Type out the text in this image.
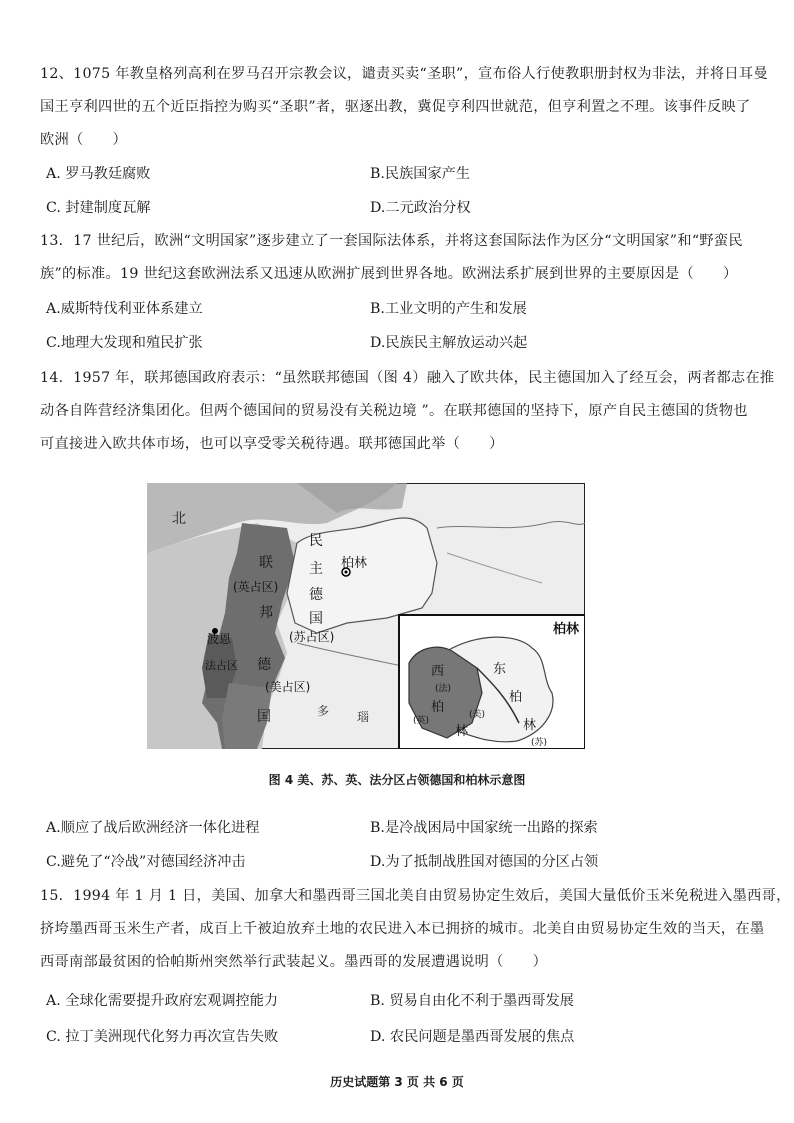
12、1075 年教皇格列高利在罗马召开宗教会议，谴责买卖“圣职”，宣布俗人行使教职册封权为非法，并将日耳曼
国王亨利四世的五个近臣指控为购买“圣职”者，驱逐出教，冀促亨利四世就范，但亨利置之不理。该事件反映了
欧洲（　　）
A. 罗马教廷腐败	B.民族国家产生
C. 封建制度瓦解	D.二元政治分权
13．17 世纪后，欧洲“文明国家”逐步建立了一套国际法体系，并将这套国际法作为区分“文明国家”和“野蛮民
族”的标准。19 世纪这套欧洲法系又迅速从欧洲扩展到世界各地。欧洲法系扩展到世界的主要原因是（　　）
A.威斯特伐利亚体系建立	B.工业文明的产生和发展
C.地理大发现和殖民扩张	D.民族民主解放运动兴起
14．1957 年，联邦德国政府表示：“虽然联邦德国（图 4）融入了欧共体，民主德国加入了经互会，两者都志在推
动各自阵营经济集团化。但两个德国间的贸易没有关税边境 ”。在联邦德国的坚持下，原产自民主德国的货物也
可直接进入欧共体市场，也可以享受零关税待遇。联邦德国此举（　　）
北
联
(英占区)
邦
波恩
法占区 德
(美占区)
国
民
主
德
国
(苏占区)
柏林
多 瑙
柏林
西
(法)
柏
林
(美)
(英)
东
柏
林
(苏)
图 4 美、苏、英、法分区占领德国和柏林示意图
A.顺应了战后欧洲经济一体化进程	B.是冷战困局中国家统一出路的探索
C.避免了“冷战”对德国经济冲击	D.为了抵制战胜国对德国的分区占领
15．1994 年 1 月 1 日，美国、加拿大和墨西哥三国北美自由贸易协定生效后，美国大量低价玉米免税进入墨西哥，
挤垮墨西哥玉米生产者，成百上千被迫放弃土地的农民进入本已拥挤的城市。北美自由贸易协定生效的当天，在墨
西哥南部最贫困的恰帕斯州突然举行武装起义。墨西哥的发展遭遇说明（　　）
A. 全球化需要提升政府宏观调控能力	B. 贸易自由化不利于墨西哥发展
C. 拉丁美洲现代化努力再次宣告失败	D. 农民问题是墨西哥发展的焦点
历史试题第 3 页 共 6 页
